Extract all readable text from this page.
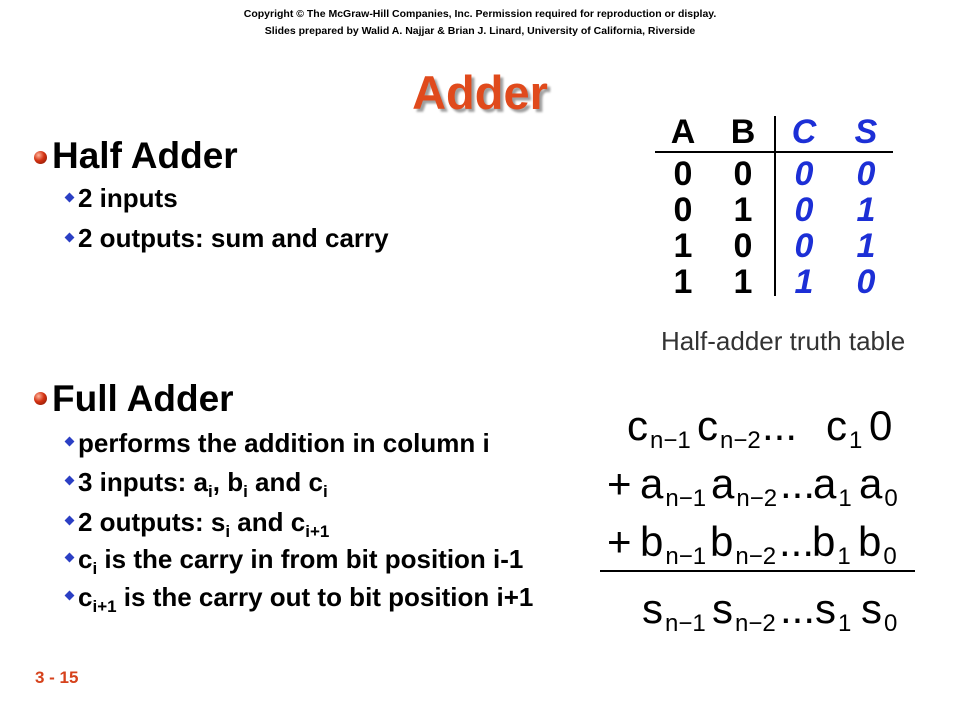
Copyright © The McGraw-Hill Companies, Inc. Permission required for reproduction or display.
Slides prepared by Walid A. Najjar & Brian J. Linard, University of California, Riverside
Adder
Half Adder
2 inputs
2 outputs: sum and carry
A B C	S
0	0	0	0
0	1	0	1
1	0	0	1
1	1	1	0
Half-adder truth table
Full Adder
performs the addition in column i
3 inputs: $a_i$, $b_i$ and $c_i$
2 outputs: $s_i$ and $c_{i+1}$
$c_i$ is the carry in from bit position i-1
$c_{i+1}$ is the carry out to bit position i+1
cn−1 cn−2 ... c1 0
+ an−1 an−2 ...
a1 a0
+ bn−1 bn−2 ...
b1 b0
sn−1 sn−2 ... s1 s0
3 - 15
